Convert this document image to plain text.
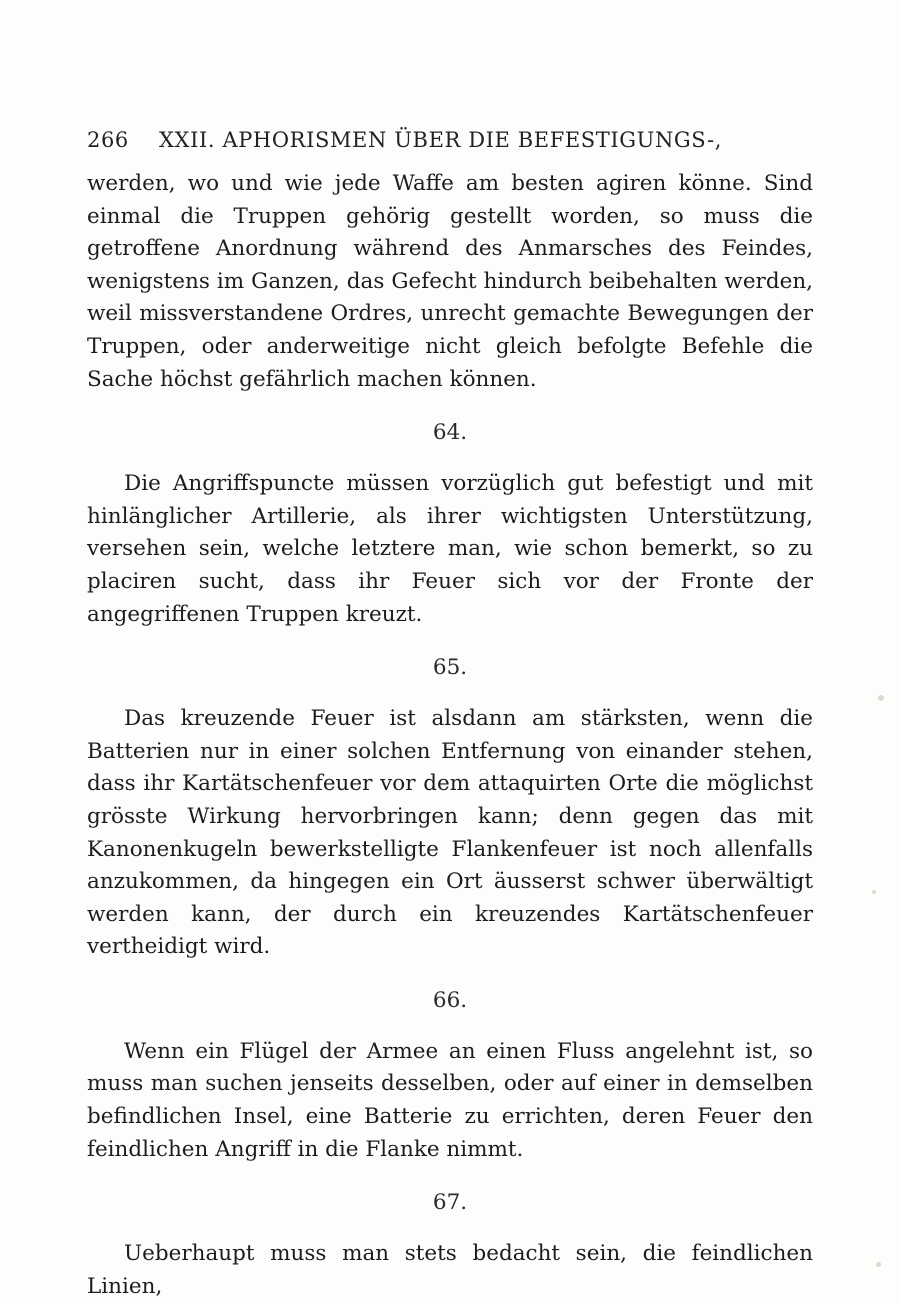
266	XXII. APHORISMEN ÜBER DIE BEFESTIGUNGS-,

werden, wo und wie jede Waffe am besten agiren könne. Sind einmal die Truppen gehörig gestellt worden, so muss die getroffene Anordnung während des Anmarsches des Feindes, wenigstens im Ganzen, das Gefecht hindurch beibehalten werden, weil missverstandene Ordres, unrecht gemachte Bewegungen der Truppen, oder anderweitige nicht gleich befolgte Befehle die Sache höchst gefährlich machen können.

64.

Die Angriffspuncte müssen vorzüglich gut befestigt und mit hinlänglicher Artillerie, als ihrer wichtigsten Unterstützung, versehen sein, welche letztere man, wie schon bemerkt, so zu placiren sucht, dass ihr Feuer sich vor der Fronte der angegriffenen Truppen kreuzt.

65.

Das kreuzende Feuer ist alsdann am stärksten, wenn die Batterien nur in einer solchen Entfernung von einander stehen, dass ihr Kartätschenfeuer vor dem attaquirten Orte die möglichst grösste Wirkung hervorbringen kann; denn gegen das mit Kanonenkugeln bewerkstelligte Flankenfeuer ist noch allenfalls anzukommen, da hingegen ein Ort äusserst schwer überwältigt werden kann, der durch ein kreuzendes Kartätschenfeuer vertheidigt wird.

66.

Wenn ein Flügel der Armee an einen Fluss angelehnt ist, so muss man suchen jenseits desselben, oder auf einer in demselben befindlichen Insel, eine Batterie zu errichten, deren Feuer den feindlichen Angriff in die Flanke nimmt.

67.

Ueberhaupt muss man stets bedacht sein, die feindlichen Linien,
